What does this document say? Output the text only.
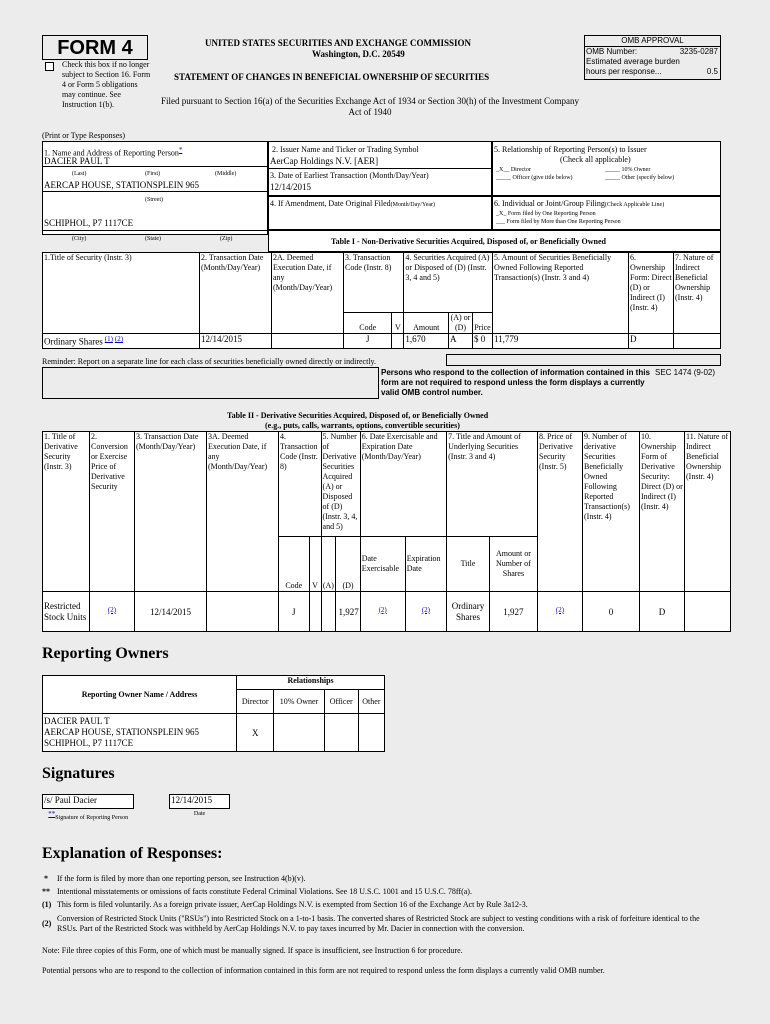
FORM 4
Check this box if no longer subject to Section 16. Form 4 or Form 5 obligations may continue. See Instruction 1(b).
UNITED STATES SECURITIES AND EXCHANGE COMMISSION
Washington, D.C. 20549
STATEMENT OF CHANGES IN BENEFICIAL OWNERSHIP OF SECURITIES
Filed pursuant to Section 16(a) of the Securities Exchange Act of 1934 or Section 30(h) of the Investment Company Act of 1940
OMB APPROVAL
OMB Number:	3235-0287
Estimated average burden
hours per response...	0.5
(Print or Type Responses)
1. Name and Address of Reporting Person*
DACIER PAUL T
(Last)	(First)	(Middle)
AERCAP HOUSE, STATIONSPLEIN 965
(Street)
SCHIPHOL, P7 1117CE
(City)	(State)	(Zip)
2. Issuer Name and Ticker or Trading Symbol
AerCap Holdings N.V. [AER]
3. Date of Earliest Transaction (Month/Day/Year)
12/14/2015
4. If Amendment, Date Original Filed(Month/Day/Year)
5. Relationship of Reporting Person(s) to Issuer
(Check all applicable)
_X__ Director	_____ 10% Owner
_____ Officer (give title below)	_____ Other (specify below)
6. Individual or Joint/Group Filing(Check Applicable Line)
_X_ Form filed by One Reporting Person
___ Form filed by More than One Reporting Person
Table I - Non-Derivative Securities Acquired, Disposed of, or Beneficially Owned
1.Title of Security (Instr. 3)	2. Transaction Date (Month/Day/Year)	2A. Deemed Execution Date, if any (Month/Day/Year)	3. Transaction Code (Instr. 8)		4. Securities Acquired (A) or Disposed of (D) (Instr. 3, 4 and 5)			5. Amount of Securities Beneficially Owned Following Reported Transaction(s) (Instr. 3 and 4)	6. Ownership Form: Direct (D) or Indirect (I) (Instr. 4)	7. Nature of Indirect Beneficial Ownership (Instr. 4)
			Code	V	Amount	(A) or (D)	Price			
Ordinary Shares (1) (2)	12/14/2015		J		1,670	A	$ 0	11,779	D	
Reminder: Report on a separate line for each class of securities beneficially owned directly or indirectly.
Persons who respond to the collection of information contained in this form are not required to respond unless the form displays a currently valid OMB control number.
SEC 1474 (9-02)
Table II - Derivative Securities Acquired, Disposed of, or Beneficially Owned
(e.g., puts, calls, warrants, options, convertible securities)
1. Title of Derivative Security (Instr. 3)	2. Conversion or Exercise Price of Derivative Security	3. Transaction Date (Month/Day/Year)	3A. Deemed Execution Date, if any (Month/Day/Year)	4. Transaction Code (Instr. 8)		5. Number of Derivative Securities Acquired (A) or Disposed of (D) (Instr. 3, 4, and 5)		6. Date Exercisable and Expiration Date (Month/Day/Year)		7. Title and Amount of Underlying Securities (Instr. 3 and 4)		8. Price of Derivative Security (Instr. 5)	9. Number of derivative Securities Beneficially Owned Following Reported Transaction(s) (Instr. 4)	10. Ownership Form of Derivative Security: Direct (D) or Indirect (I) (Instr. 4)	11. Nature of Indirect Beneficial Ownership (Instr. 4)
				Code	V	(A)	(D)	Date Exercisable	Expiration Date	Title	Amount or Number of Shares				
Restricted Stock Units	(2)	12/14/2015		J			1,927	(2)	(2)	Ordinary Shares	1,927	(2)	0	D	
Reporting Owners
Reporting Owner Name / Address	Relationships			
	Director	10% Owner	Officer	Other

DACIER PAUL T
AERCAP HOUSE, STATIONSPLEIN 965
SCHIPHOL, P7 1117CE	X			
Signatures
/s/ Paul Dacier		12/14/2015
**Signature of Reporting Person		Date
Explanation of Responses:
* If the form is filed by more than one reporting person, see Instruction 4(b)(v).
** Intentional misstatements or omissions of facts constitute Federal Criminal Violations. See 18 U.S.C. 1001 and 15 U.S.C. 78ff(a).
(1) This form is filed voluntarily. As a foreign private issuer, AerCap Holdings N.V. is exempted from Section 16 of the Exchange Act by Rule 3a12-3.
(2)
Conversion of Restricted Stock Units ("RSUs") into Restricted Stock on a 1-to-1 basis. The converted shares of Restricted Stock are subject to vesting conditions with a risk of forfeiture identical to the RSUs. Part of the Restricted Stock was withheld by AerCap Holdings N.V. to pay taxes incurred by Mr. Dacier in connection with the conversion.
Note: File three copies of this Form, one of which must be manually signed. If space is insufficient, see Instruction 6 for procedure.
Potential persons who are to respond to the collection of information contained in this form are not required to respond unless the form displays a currently valid OMB number.
